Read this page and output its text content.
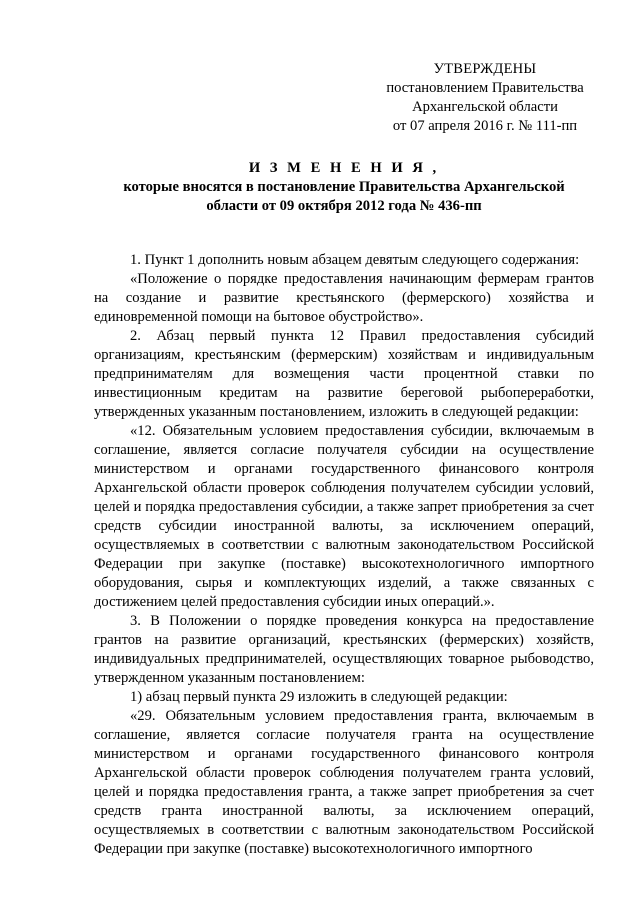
УТВЕРЖДЕНЫ
постановлением Правительства
Архангельской области
от 07 апреля 2016 г. № 111-пп
И З М Е Н Е Н И Я ,
которые вносятся в постановление Правительства Архангельской
области от 09 октября 2012 года № 436-пп

1. Пункт 1 дополнить новым абзацем девятым следующего содержания:

«Положение о порядке предоставления начинающим фермерам грантов на создание и развитие крестьянского (фермерского) хозяйства и единовременной помощи на бытовое обустройство».

2. Абзац первый пункта 12 Правил предоставления субсидий организациям, крестьянским (фермерским) хозяйствам и индивидуальным предпринимателям для возмещения части процентной ставки по инвестиционным кредитам на развитие береговой рыбопереработки, утвержденных указанным постановлением, изложить в следующей редакции:

«12. Обязательным условием предоставления субсидии, включаемым в соглашение, является согласие получателя субсидии на осуществление министерством и органами государственного финансового контроля Архангельской области проверок соблюдения получателем субсидии условий, целей и порядка предоставления субсидии, а также запрет приобретения за счет средств субсидии иностранной валюты, за исключением операций, осуществляемых в соответствии с валютным законодательством Российской Федерации при закупке (поставке) высокотехнологичного импортного оборудования, сырья и комплектующих изделий, а также связанных с достижением целей предоставления субсидии иных операций.».

3. В Положении о порядке проведения конкурса на предоставление грантов на развитие организаций, крестьянских (фермерских) хозяйств, индивидуальных предпринимателей, осуществляющих товарное рыбоводство, утвержденном указанным постановлением:

1) абзац первый пункта 29 изложить в следующей редакции:

«29. Обязательным условием предоставления гранта, включаемым в соглашение, является согласие получателя гранта на осуществление министерством и органами государственного финансового контроля Архангельской области проверок соблюдения получателем гранта условий, целей и порядка предоставления гранта, а также запрет приобретения за счет средств гранта иностранной валюты, за исключением операций, осуществляемых в соответствии с валютным законодательством Российской Федерации при закупке (поставке) высокотехнологичного импортного
